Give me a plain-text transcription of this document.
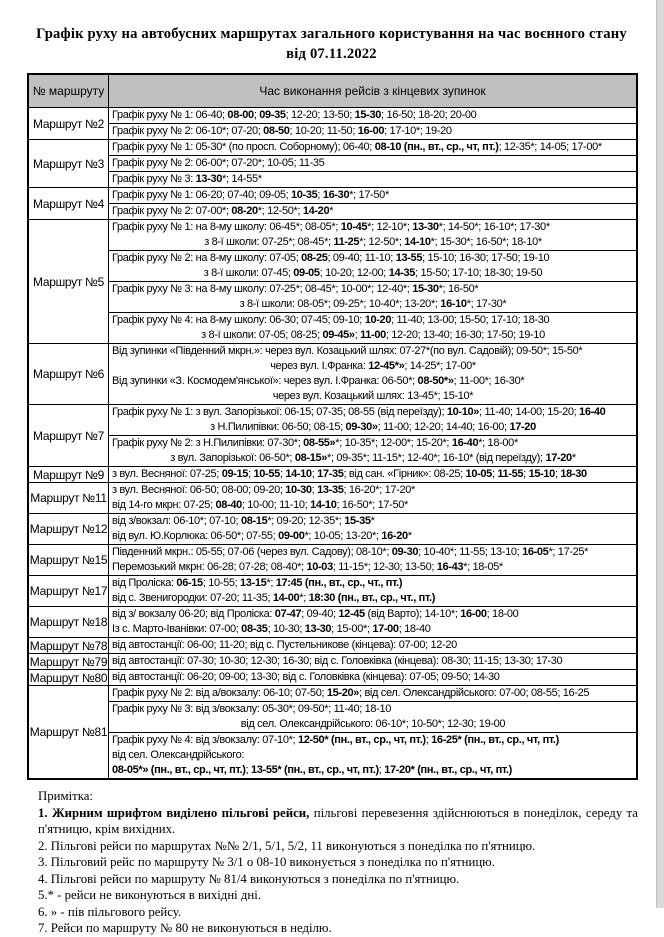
Графік руху на автобусних маршрутах загального користування на час воєнного стану
від 07.11.2022
№ маршруту	Час виконання рейсів з кінцевих зупинок
Маршрут №2	Графік руху № 1: 06-40; 08-00; 09-35; 12-20; 13-50; 15-30; 16-50; 18-20; 20-00

	Графік руху № 2: 06-10*; 07-20; 08-50; 10-20; 11-50; 16-00; 17-10*; 19-20

Маршрут №3	Графік руху № 1: 05-30* (по просп. Соборному); 06-40; 08-10 (пн., вт., ср., чт, пт.); 12-35*; 14-05; 17-00*

	Графік руху № 2: 06-00*; 07-20*; 10-05; 11-35

	Графік руху № 3: 13-30*; 14-55*

Маршрут №4	Графік руху № 1: 06-20; 07-40; 09-05; 10-35; 16-30*; 17-50*

	Графік руху № 2: 07-00*; 08-20*; 12-50*; 14-20*

Маршрут №5	Графік руху № 1: на 8-му школу: 06-45*; 08-05*; 10-45*; 12-10*; 13-30*; 14-50*; 16-10*; 17-30*
з 8-ї школи: 07-25*; 08-45*; 11-25*; 12-50*; 14-10*; 15-30*; 16-50*; 18-10*

	Графік руху № 2: на 8-му школу: 07-05; 08-25; 09-40; 11-10; 13-55; 15-10; 16-30; 17-50; 19-10
з 8-ї школи: 07-45; 09-05; 10-20; 12-00; 14-35; 15-50; 17-10; 18-30; 19-50

	Графік руху № 3: на 8-му школу: 07-25*; 08-45*; 10-00*; 12-40*; 15-30*; 16-50*
з 8-ї школи: 08-05*; 09-25*; 10-40*; 13-20*; 16-10*; 17-30*

	Графік руху № 4: на 8-му школу: 06-30; 07-45; 09-10; 10-20; 11-40; 13-00; 15-50; 17-10; 18-30
з 8-ї школи: 07-05; 08-25; 09-45»; 11-00; 12-20; 13-40; 16-30; 17-50; 19-10

Маршрут №6	Від зупинки «Південний мкрн.»: через вул. Козацький шлях: 07-27*(по вул. Садовій); 09-50*; 15-50*
через вул. І.Франка: 12-45*»; 14-25*; 17-00*
Від зупинки «З. Космодем'янської»: через вул. І.Франка: 06-50*; 08-50*»; 11-00*; 16-30*
через вул. Козацький шлях: 13-45*; 15-10*

Маршрут №7	Графік руху № 1: з вул. Запорізької: 06-15; 07-35; 08-55 (від переїзду); 10-10»; 11-40; 14-00; 15-20; 16-40
з Н.Пилипівки: 06-50; 08-15; 09-30»; 11-00; 12-20; 14-40; 16-00; 17-20

	Графік руху № 2: з Н.Пилипівки: 07-30*; 08-55»*; 10-35*; 12-00*; 15-20*; 16-40*; 18-00*
з вул. Запорізької: 06-50*; 08-15»*; 09-35*; 11-15*; 12-40*; 16-10* (від переїзду); 17-20*

Маршрут №9	з вул. Весняної: 07-25; 09-15; 10-55; 14-10; 17-35; від сан. «Гірник»: 08-25; 10-05; 11-55; 15-10; 18-30

Маршрут №11	з вул. Весняної: 06-50; 08-00; 09-20; 10-30; 13-35; 16-20*; 17-20*
від 14-го мкрн: 07-25; 08-40; 10-00; 11-10; 14-10; 16-50*; 17-50*

Маршрут №12	від з/вокзал: 06-10*; 07-10; 08-15*; 09-20; 12-35*; 15-35*
від вул. Ю.Корлюка: 06-50*; 07-55; 09-00*; 10-05; 13-20*; 16-20*

Маршрут №15	Південний мкрн.: 05-55; 07-06 (через вул. Садову); 08-10*; 09-30; 10-40*; 11-55; 13-10; 16-05*; 17-25*
Перемозький мкрн: 06-28; 07-28; 08-40*; 10-03; 11-15*; 12-30; 13-50; 16-43*; 18-05*

Маршрут №17	від Проліска: 06-15; 10-55; 13-15*; 17:45 (пн., вт., ср., чт., пт.)
від с. Звенигородки: 07-20; 11-35; 14-00*; 18:30 (пн., вт., ср., чт., пт.)

Маршрут №18	від з/ вокзалу 06-20; від Проліска: 07-47; 09-40; 12-45 (від Варто); 14-10*; 16-00; 18-00
Із с. Марто-Іванівки: 07-00; 08-35; 10-30; 13-30; 15-00*; 17-00; 18-40

Маршрут №78	від автостанції: 06-00; 11-20; від с. Пустельникове (кінцева): 07-00; 12-20

Маршрут №79	від автостанції: 07-30; 10-30; 12-30; 16-30; від с. Головківка (кінцева): 08-30; 11-15; 13-30; 17-30

Маршрут №80	від автостанції: 06-20; 09-00; 13-30; від с. Головківка (кінцева): 07-05; 09-50; 14-30

Маршрут №81	Графік руху № 2: від а/вокзалу: 06-10; 07-50; 15-20»; від сел. Олександрійського: 07-00; 08-55; 16-25

	Графік руху № 3: від з/вокзалу: 05-30*; 09-50*; 11-40; 18-10
від сел. Олександрійського: 06-10*; 10-50*; 12-30; 19-00

	Графік руху № 4: від з/вокзалу: 07-10*; 12-50* (пн., вт., ср., чт, пт.); 16-25* (пн., вт., ср., чт, пт.)
від сел. Олександрійського:
08-05*» (пн., вт., ср., чт, пт.); 13-55* (пн., вт., ср., чт, пт.); 17-20* (пн., вт., ср., чт, пт.)
Примітка:
1. Жирним шрифтом виділено пільгові рейси, пільгові перевезення здійснюються в понеділок, середу та п'ятницю, крім вихідних.
2. Пільгові рейси по маршрутах №№ 2/1, 5/1, 5/2, 11 виконуються з понеділка по п'ятницю.
3. Пільговий рейс по маршруту № 3/1 о 08-10 виконується з понеділка по п'ятницю.
4. Пільгові рейси по маршруту № 81/4 виконуються з понеділка по п'ятницю.
5.* - рейси не виконуються в вихідні дні.
6. » - пів пільгового рейсу.
7. Рейси по маршруту № 80 не виконуються в неділю.
